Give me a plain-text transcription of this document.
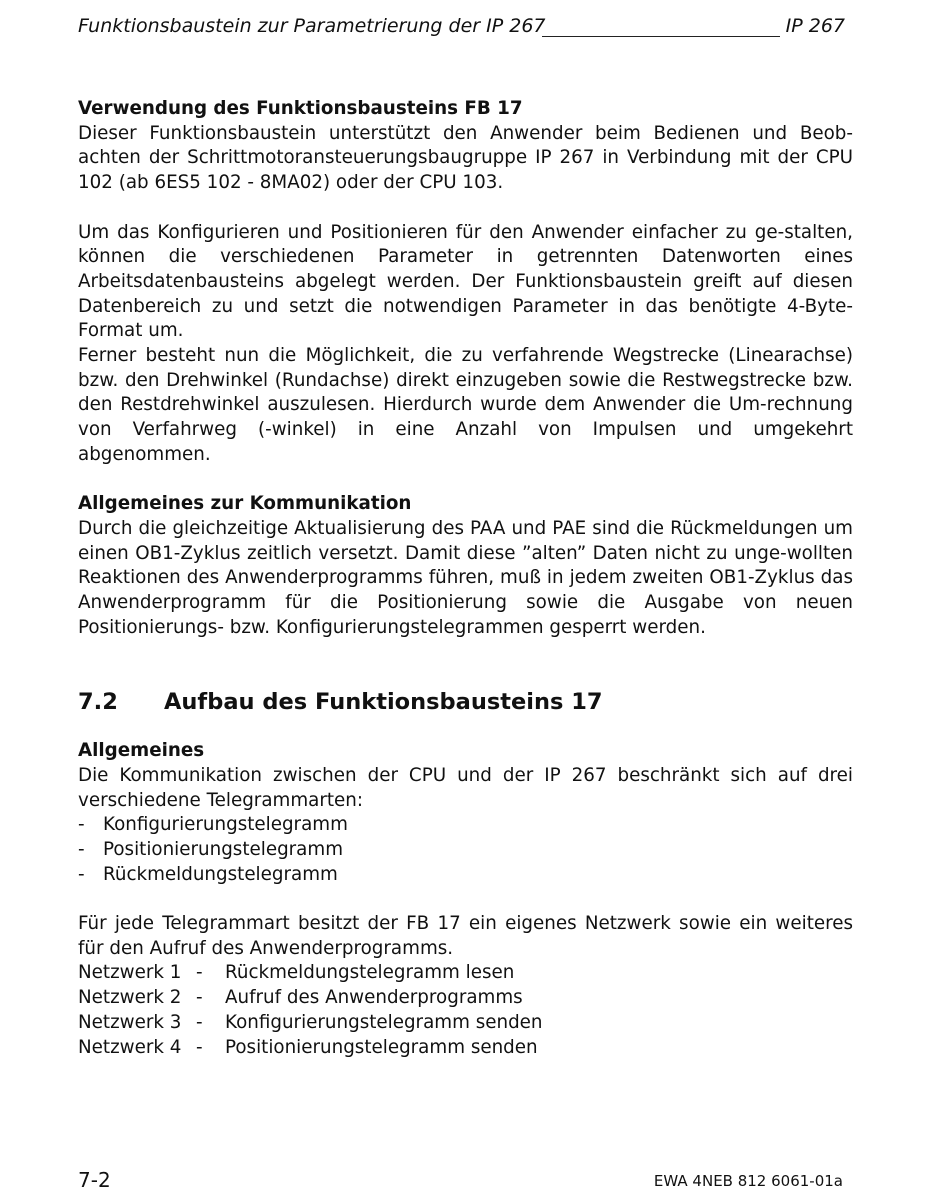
Funktionsbaustein zur Parametrierung der IP 267	IP 267

Verwendung des Funktionsbausteins FB 17

Dieser Funktionsbaustein unterstützt den Anwender beim Bedienen und Beob-achten der Schrittmotoransteuerungsbaugruppe IP 267 in Verbindung mit der CPU 102 (ab 6ES5 102 - 8MA02) oder der CPU 103.

Um das Konfigurieren und Positionieren für den Anwender einfacher zu ge-stalten, können die verschiedenen Parameter in getrennten Datenworten eines Arbeitsdatenbausteins abgelegt werden. Der Funktionsbaustein greift auf diesen Datenbereich zu und setzt die notwendigen Parameter in das benötigte 4-Byte-Format um.

Ferner besteht nun die Möglichkeit, die zu verfahrende Wegstrecke (Linearachse) bzw. den Drehwinkel (Rundachse) direkt einzugeben sowie die Restwegstrecke bzw. den Restdrehwinkel auszulesen. Hierdurch wurde dem Anwender die Um-rechnung von Verfahrweg (-winkel) in eine Anzahl von Impulsen und umgekehrt abgenommen.

Allgemeines zur Kommunikation

Durch die gleichzeitige Aktualisierung des PAA und PAE sind die Rückmeldungen um einen OB1-Zyklus zeitlich versetzt. Damit diese ”alten” Daten nicht zu unge-wollten Reaktionen des Anwenderprogramms führen, muß in jedem zweiten OB1-Zyklus das Anwenderprogramm für die Positionierung sowie die Ausgabe von neuen Positionierungs- bzw. Konfigurierungstelegrammen gesperrt werden.

7.2 Aufbau des Funktionsbausteins 17

Allgemeines

Die Kommunikation zwischen der CPU und der IP 267 beschränkt sich auf drei verschiedene Telegrammarten:

- Konfigurierungstelegramm
- Positionierungstelegramm
- Rückmeldungstelegramm

Für jede Telegrammart besitzt der FB 17 ein eigenes Netzwerk sowie ein weiteres für den Aufruf des Anwenderprogramms.

Netzwerk 1 -	Rückmeldungstelegramm lesen
Netzwerk 2 -	Aufruf des Anwenderprogramms
Netzwerk 3 -	Konfigurierungstelegramm senden
Netzwerk 4 -	Positionierungstelegramm senden
7-2	EWA 4NEB 812 6061-01a
